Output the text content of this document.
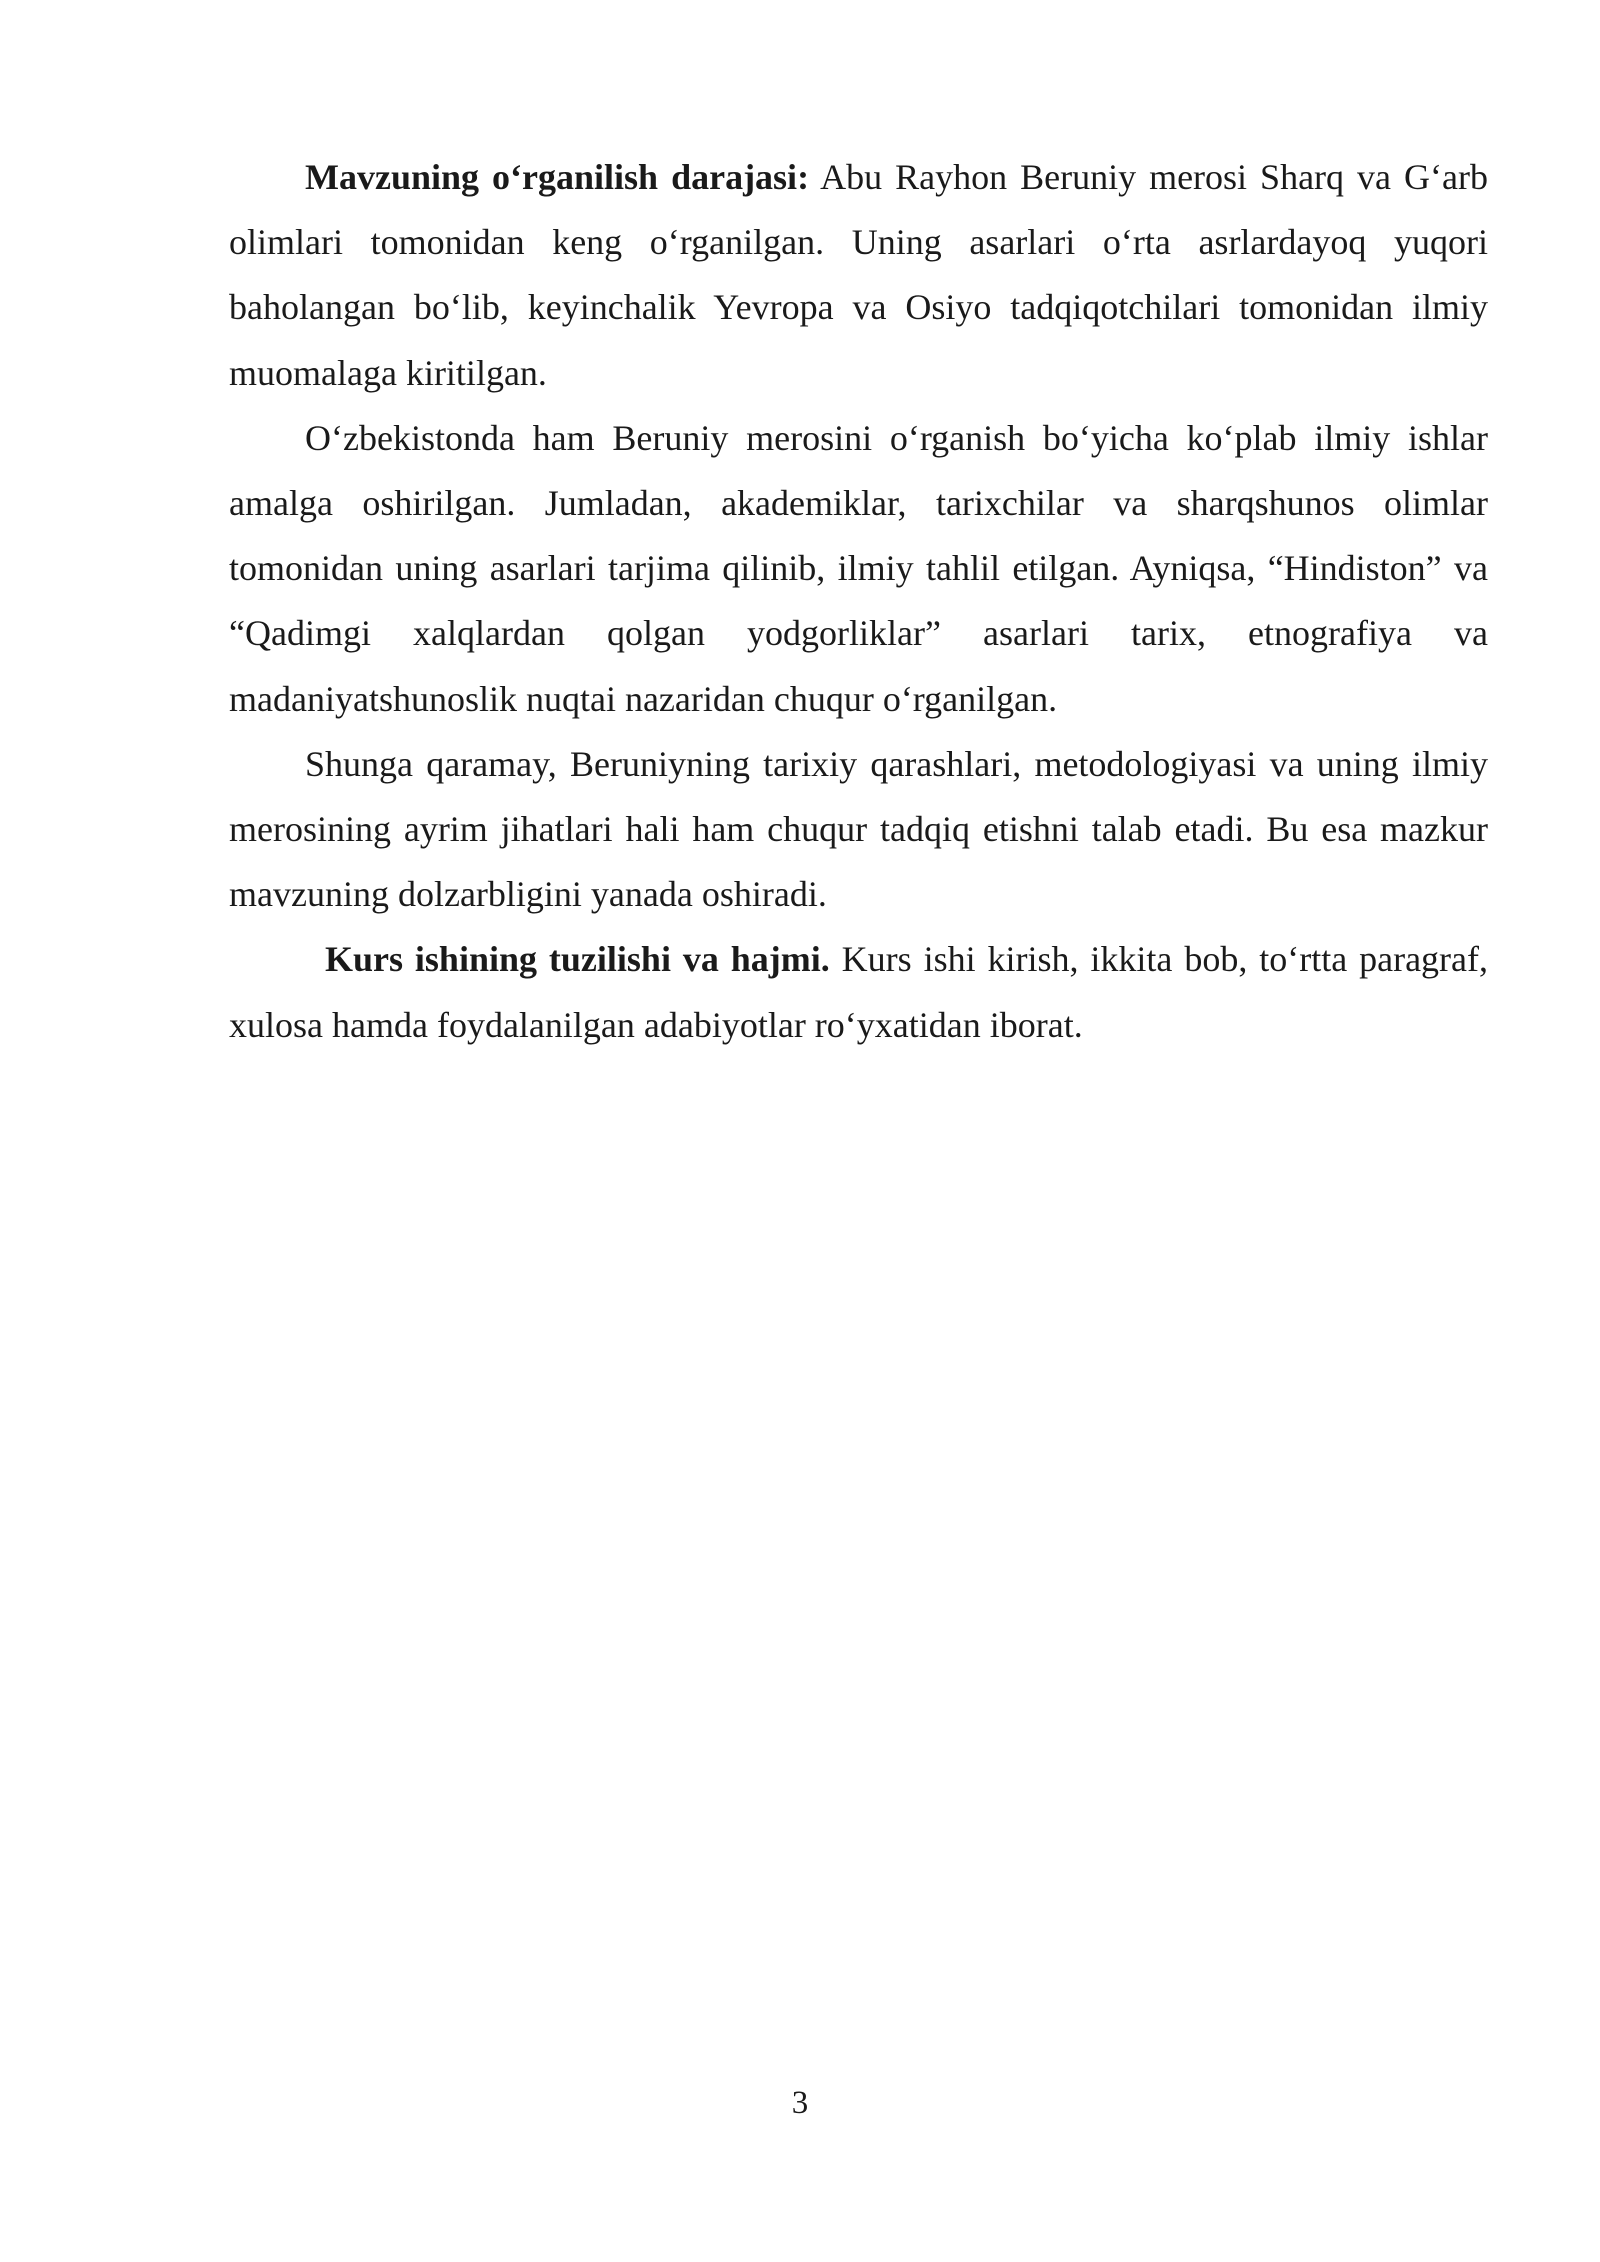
Mavzuning o‘rganilish darajasi: Abu Rayhon Beruniy merosi Sharq va G‘arb olimlari tomonidan keng o‘rganilgan. Uning asarlari o‘rta asrlardayoq yuqori baholangan bo‘lib, keyinchalik Yevropa va Osiyo tadqiqotchilari tomonidan ilmiy muomalaga kiritilgan.

O‘zbekistonda ham Beruniy merosini o‘rganish bo‘yicha ko‘plab ilmiy ishlar amalga oshirilgan. Jumladan, akademiklar, tarixchilar va sharqshunos olimlar tomonidan uning asarlari tarjima qilinib, ilmiy tahlil etilgan. Ayniqsa, “Hindiston” va “Qadimgi xalqlardan qolgan yodgorliklar” asarlari tarix, etnografiya va madaniyatshunoslik nuqtai nazaridan chuqur o‘rganilgan.

Shunga qaramay, Beruniyning tarixiy qarashlari, metodologiyasi va uning ilmiy merosining ayrim jihatlari hali ham chuqur tadqiq etishni talab etadi. Bu esa mazkur mavzuning dolzarbligini yanada oshiradi.

Kurs ishining tuzilishi va hajmi. Kurs ishi kirish, ikkita bob, to‘rtta paragraf, xulosa hamda foydalanilgan adabiyotlar ro‘yxatidan iborat.

3
